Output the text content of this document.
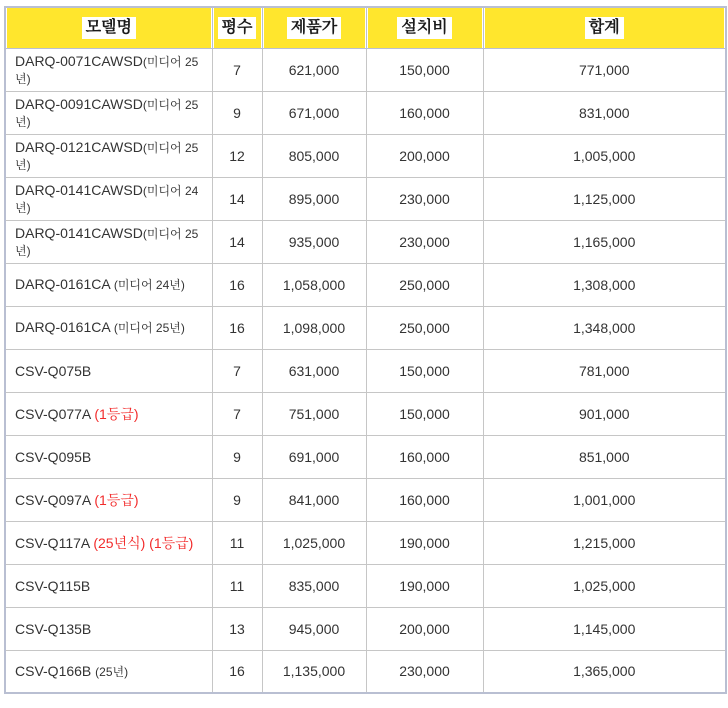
모델명	평수	제품가	설치비	합계
DARQ-0071CAWSD(미디어 25년)	7	621,000	150,000	771,000
DARQ-0091CAWSD(미디어 25년)	9	671,000	160,000	831,000
DARQ-0121CAWSD(미디어 25년)	12	805,000	200,000	1,005,000
DARQ-0141CAWSD(미디어 24년)	14	895,000	230,000	1,125,000
DARQ-0141CAWSD(미디어 25년)	14	935,000	230,000	1,165,000
DARQ-0161CA (미디어 24년)	16	1,058,000	250,000	1,308,000
DARQ-0161CA (미디어 25년)	16	1,098,000	250,000	1,348,000
CSV-Q075B	7	631,000	150,000	781,000
CSV-Q077A (1등급)	7	751,000	150,000	901,000
CSV-Q095B	9	691,000	160,000	851,000
CSV-Q097A (1등급)	9	841,000	160,000	1,001,000
CSV-Q117A (25년식) (1등급)	11	1,025,000	190,000	1,215,000
CSV-Q115B	11	835,000	190,000	1,025,000
CSV-Q135B	13	945,000	200,000	1,145,000
CSV-Q166B (25년)	16	1,135,000	230,000	1,365,000
